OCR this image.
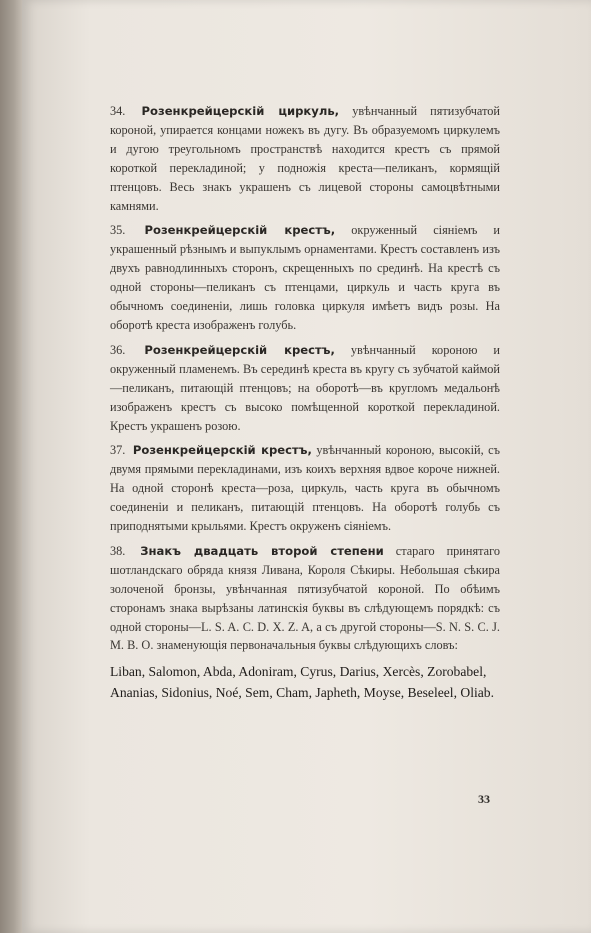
34. Розенкрейцерскій циркуль, увѣнчанный пятизубчатой короной, упирается концами ножекъ въ дугу. Въ образуемомъ циркулемъ и дугою треугольномъ пространствѣ находится крестъ съ прямой короткой перекладиной; у подножія креста—пеликанъ, кормящій птенцовъ. Весь знакъ украшенъ съ лицевой стороны самоцвѣтными камнями.

35. Розенкрейцерскій крестъ, окруженный сіяніемъ и украшенный рѣзнымъ и выпуклымъ орнаментами. Крестъ составленъ изъ двухъ равнодлинныхъ сторонъ, скрещенныхъ по срединѣ. На крестѣ съ одной стороны—пеликанъ съ птенцами, циркуль и часть круга въ обычномъ соединеніи, лишь головка циркуля имѣетъ видъ розы. На оборотѣ креста изображенъ голубь.

36. Розенкрейцерскій крестъ, увѣнчанный короною и окруженный пламенемъ. Въ серединѣ креста въ кругу съ зубчатой каймой—пеликанъ, питающій птенцовъ; на оборотѣ—въ кругломъ медальонѣ изображенъ крестъ съ высоко помѣщенной короткой перекладиной. Крестъ украшенъ розою.

37. Розенкрейцерскій крестъ, увѣнчанный короною, высокій, съ двумя прямыми перекладинами, изъ коихъ верхняя вдвое короче нижней. На одной сторонѣ креста—роза, циркуль, часть круга въ обычномъ соединеніи и пеликанъ, питающій птенцовъ. На оборотѣ голубь съ приподнятыми крыльями. Крестъ окруженъ сіяніемъ.

38. Знакъ двадцать второй степени стараго принятаго шотландскаго обряда князя Ливана, Короля Сѣкиры. Небольшая сѣкира золоченой бронзы, увѣнчанная пятизубчатой короной. По обѣимъ сторонамъ знака вырѣзаны латинскія буквы въ слѣдующемъ порядкѣ: съ одной стороны—L. S. A. C. D. X. Z. A, а съ другой стороны—S. N. S. C. J. M. B. O. знаменующія первоначальныя буквы слѣдующихъ словъ:

Liban, Salomon, Abda, Adoniram, Cyrus, Darius, Xercès, Zorobabel, Ananias, Sidonius, Noé, Sem, Cham, Japheth, Moyse, Beseleel, Oliab.

33
